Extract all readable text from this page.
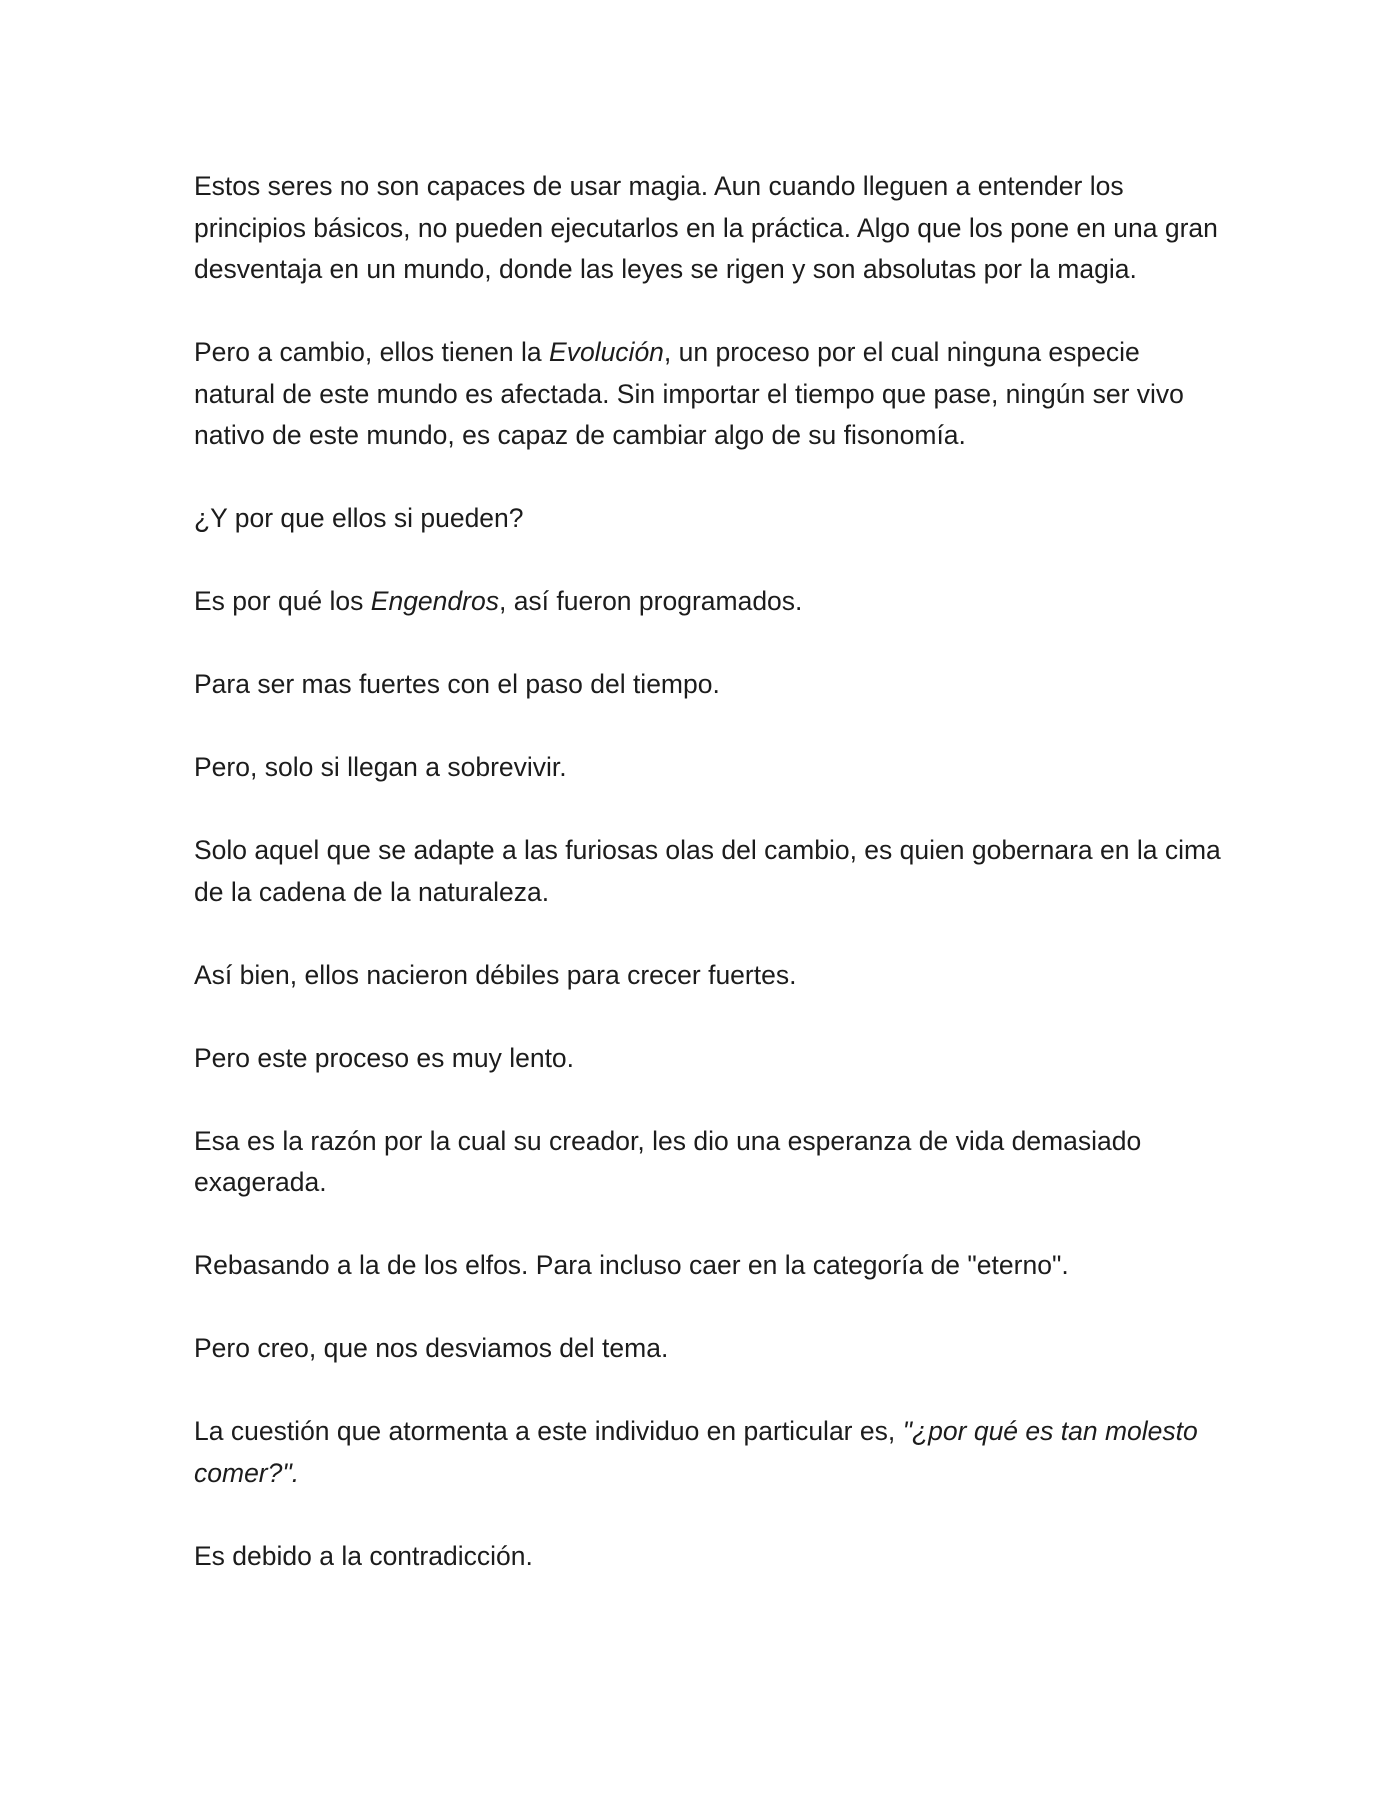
Estos seres no son capaces de usar magia. Aun cuando lleguen a entender los principios básicos, no pueden ejecutarlos en la práctica. Algo que los pone en una gran desventaja en un mundo, donde las leyes se rigen y son absolutas por la magia.

Pero a cambio, ellos tienen la Evolución, un proceso por el cual ninguna especie natural de este mundo es afectada. Sin importar el tiempo que pase, ningún ser vivo nativo de este mundo, es capaz de cambiar algo de su fisonomía.

¿Y por que ellos si pueden?

Es por qué los Engendros, así fueron programados.

Para ser mas fuertes con el paso del tiempo.

Pero, solo si llegan a sobrevivir.

Solo aquel que se adapte a las furiosas olas del cambio, es quien gobernara en la cima de la cadena de la naturaleza.

Así bien, ellos nacieron débiles para crecer fuertes.

Pero este proceso es muy lento.

Esa es la razón por la cual su creador, les dio una esperanza de vida demasiado exagerada.

Rebasando a la de los elfos. Para incluso caer en la categoría de "eterno".

Pero creo, que nos desviamos del tema.

La cuestión que atormenta a este individuo en particular es, "¿por qué es tan molesto comer?".

Es debido a la contradicción.
